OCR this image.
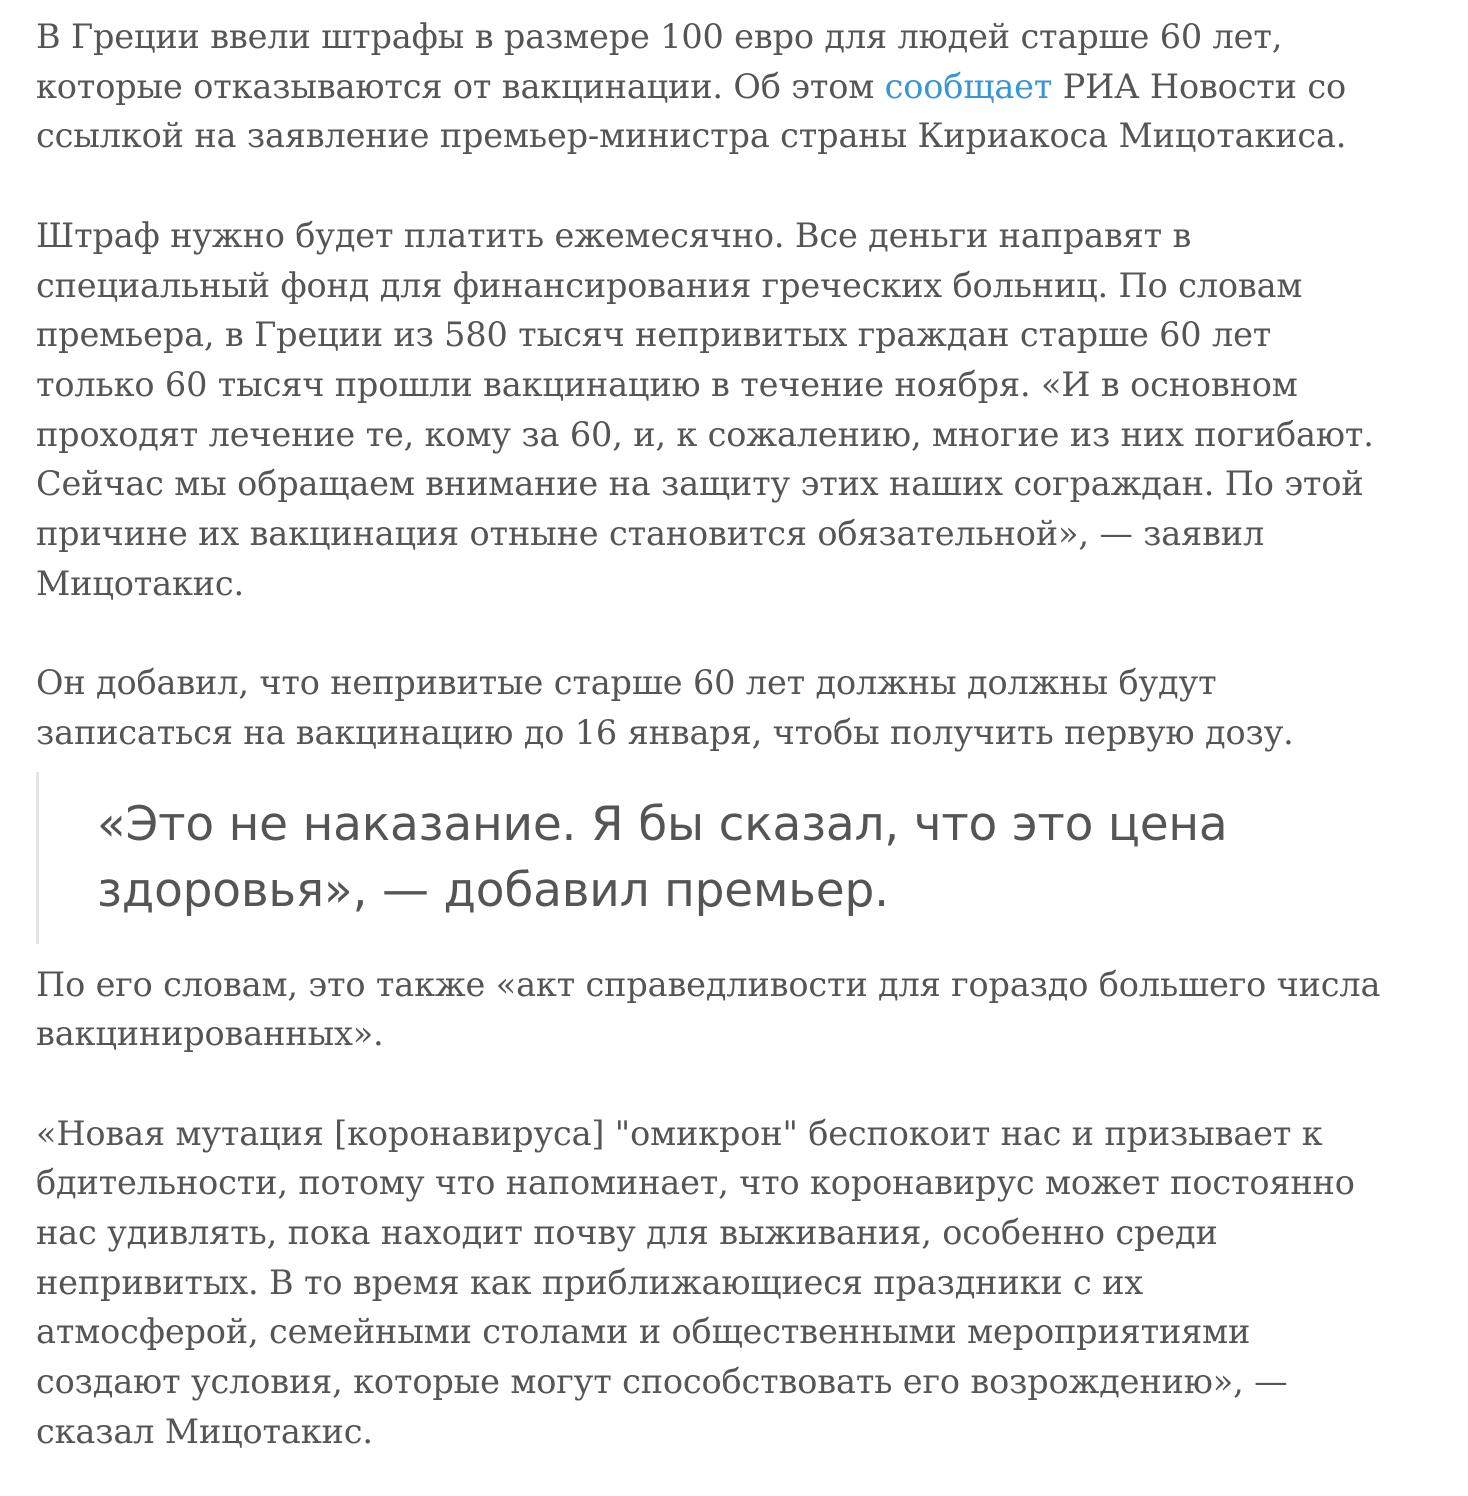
В Греции ввели штрафы в размере 100 евро для людей старше 60 лет,
которые отказываются от вакцинации. Об этом сообщает РИА Новости со
ссылкой на заявление премьер-министра страны Кириакоса Мицотакиса.

Штраф нужно будет платить ежемесячно. Все деньги направят в
специальный фонд для финансирования греческих больниц. По словам
премьера, в Греции из 580 тысяч непривитых граждан старше 60 лет
только 60 тысяч прошли вакцинацию в течение ноября. «И в основном
проходят лечение те, кому за 60, и, к сожалению, многие из них погибают.
Сейчас мы обращаем внимание на защиту этих наших сограждан. По этой
причине их вакцинация отныне становится обязательной», — заявил
Мицотакис.

Он добавил, что непривитые старше 60 лет должны должны будут
записаться на вакцинацию до 16 января, чтобы получить первую дозу.

«Это не наказание. Я бы сказал, что это цена
здоровья», — добавил премьер.

По его словам, это также «акт справедливости для гораздо большего числа
вакцинированных».

«Новая мутация [коронавируса] "омикрон" беспокоит нас и призывает к
бдительности, потому что напоминает, что коронавирус может постоянно
нас удивлять, пока находит почву для выживания, особенно среди
непривитых. В то время как приближающиеся праздники с их
атмосферой, семейными столами и общественными мероприятиями
создают условия, которые могут способствовать его возрождению», —
сказал Мицотакис.
